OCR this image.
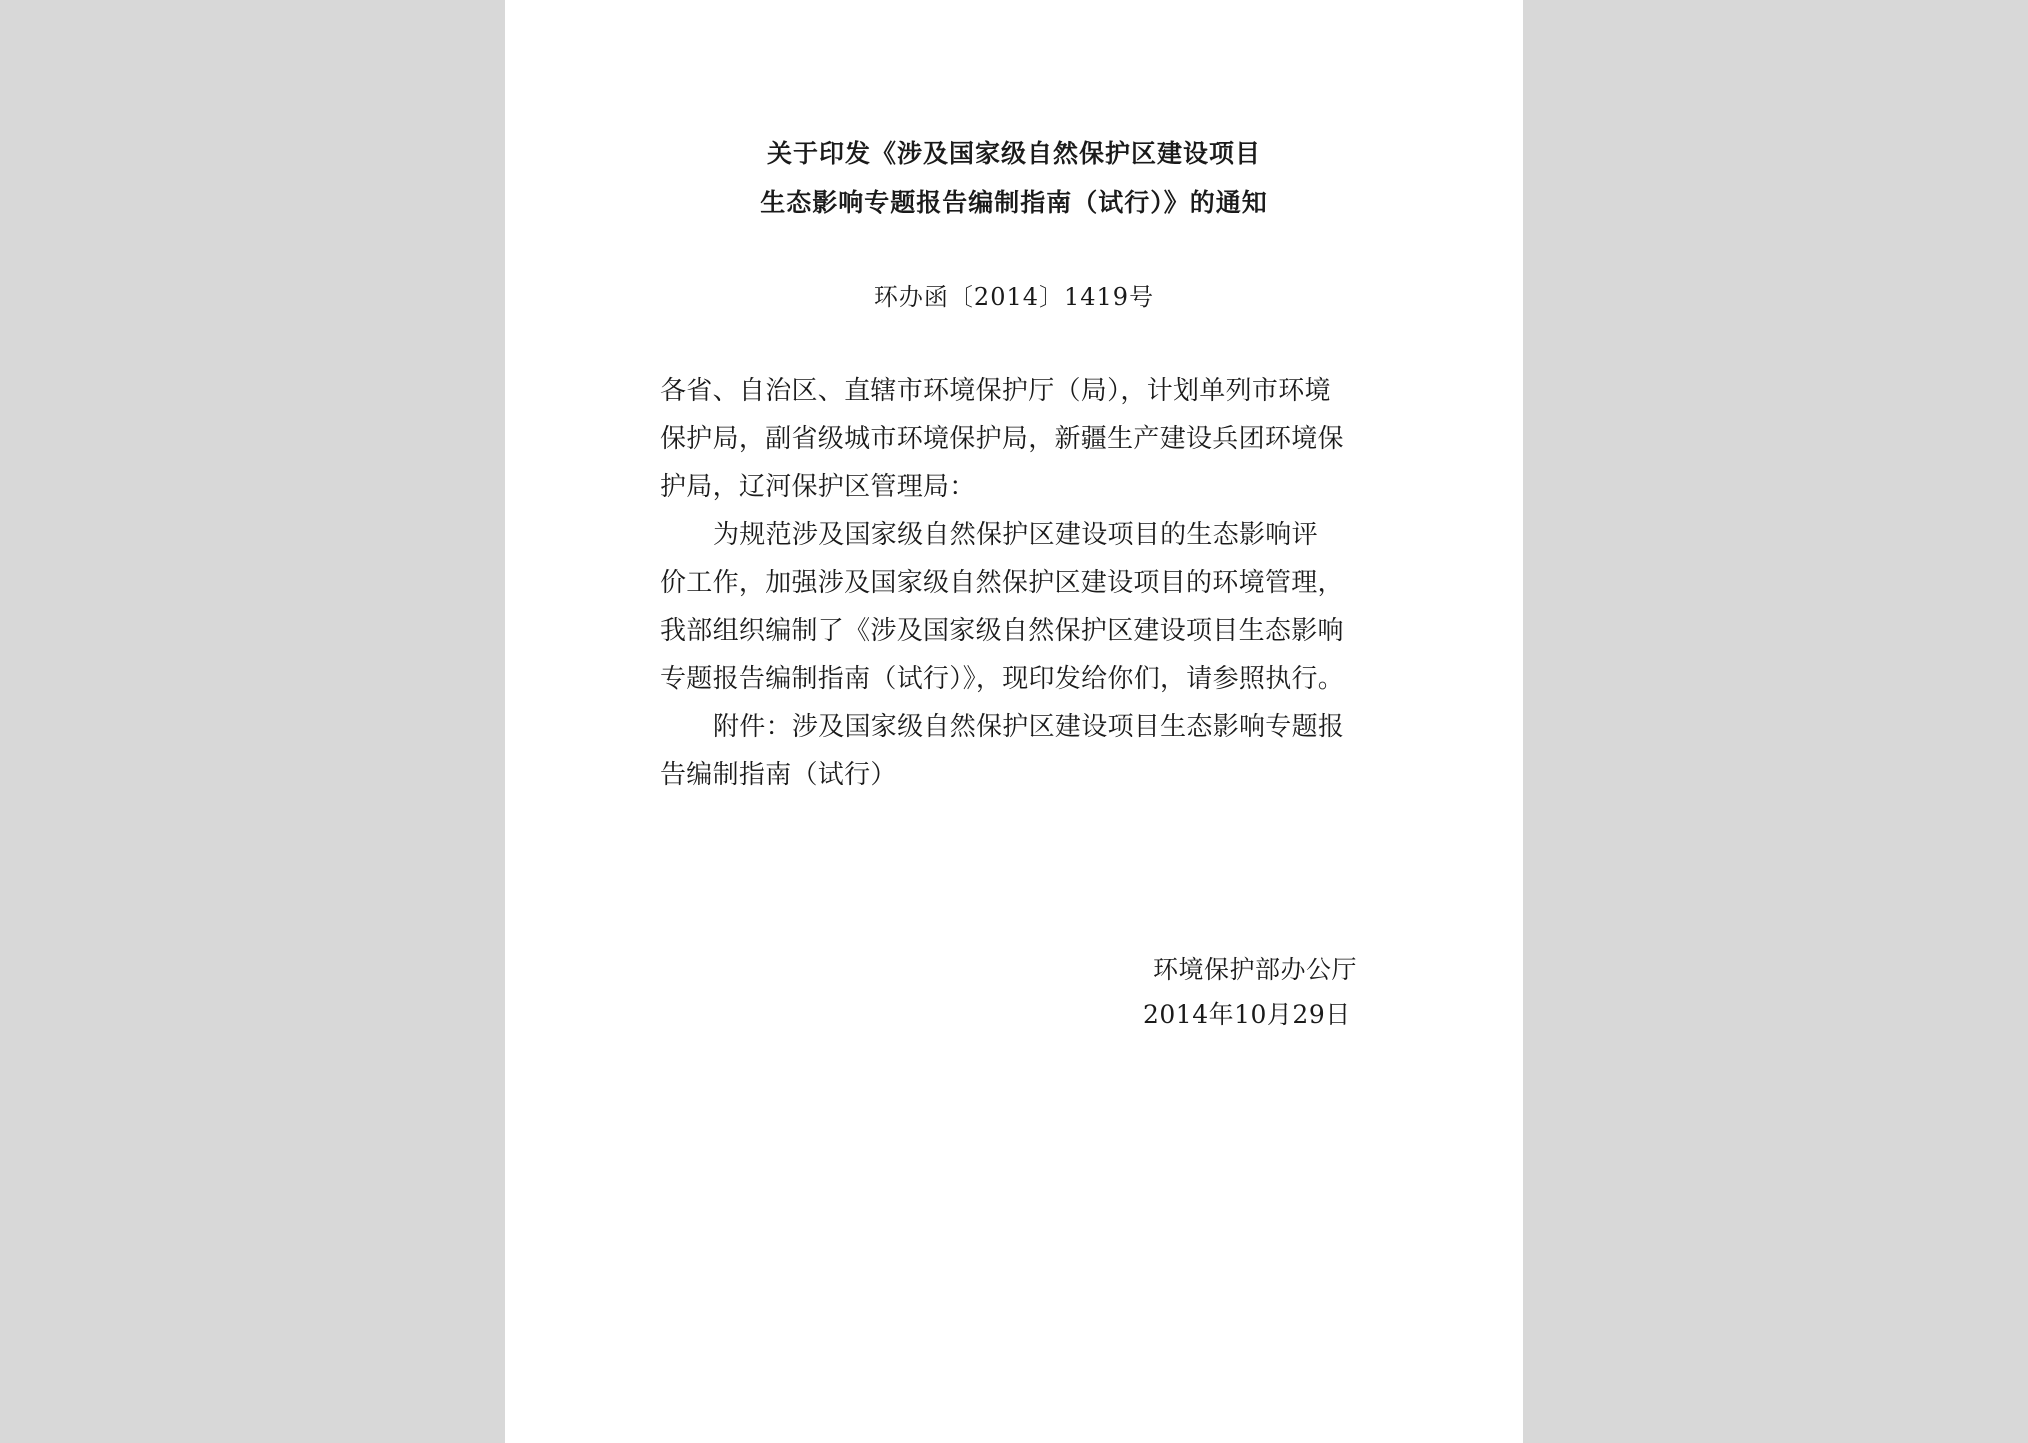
关于印发《涉及国家级自然保护区建设项目
生态影响专题报告编制指南（试行）》的通知
环办函〔2014〕1419号
各省、自治区、直辖市环境保护厅（局），计划单列市环境
保护局，副省级城市环境保护局，新疆生产建设兵团环境保
护局，辽河保护区管理局：
为规范涉及国家级自然保护区建设项目的生态影响评
价工作，加强涉及国家级自然保护区建设项目的环境管理，
我部组织编制了《涉及国家级自然保护区建设项目生态影响
专题报告编制指南（试行）》，现印发给你们，请参照执行。
附件：涉及国家级自然保护区建设项目生态影响专题报
告编制指南（试行）
环境保护部办公厅
2014年10月29日
